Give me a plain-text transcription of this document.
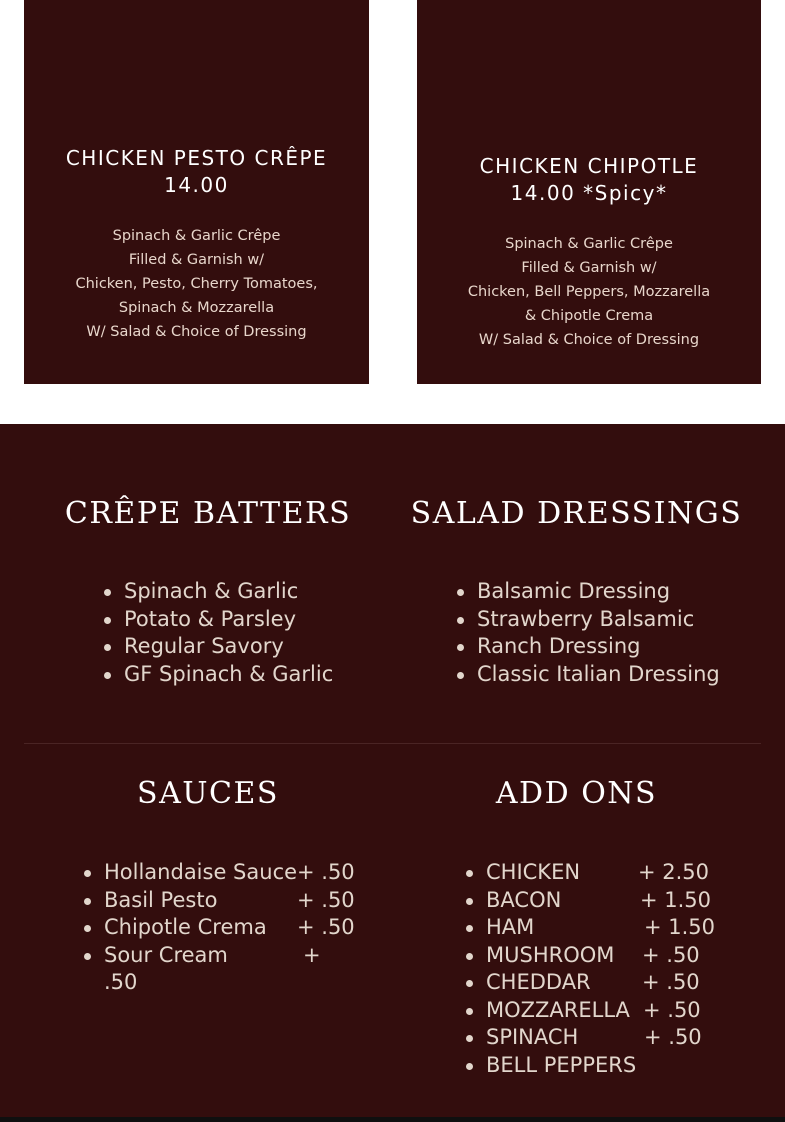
CHICKEN PESTO CRÊPE
14.00
Spinach & Garlic Crêpe
Filled & Garnish w/
Chicken, Pesto, Cherry Tomatoes,
Spinach & Mozzarella
W/ Salad & Choice of Dressing
CHICKEN CHIPOTLE
14.00 *Spicy*
Spinach & Garlic Crêpe
Filled & Garnish w/
Chicken, Bell Peppers, Mozzarella
& Chipotle Crema
W/ Salad & Choice of Dressing
CRÊPE BATTERS	SALAD DRESSINGS
Spinach & Garlic
Potato & Parsley
Regular Savory
GF Spinach & Garlic
Balsamic Dressing
Strawberry Balsamic
Ranch Dressing
Classic Italian Dressing
SAUCES	ADD ONS
Hollandaise Sauce + .50
Basil Pesto	+ .50
Chipotle Crema + .50
Sour Cream	+
.50
CHICKEN	+ 2.50
BACON	+ 1.50
HAM	+ 1.50
MUSHROOM + .50
CHEDDAR + .50
MOZZARELLA + .50
SPINACH	+ .50
BELL PEPPERS
